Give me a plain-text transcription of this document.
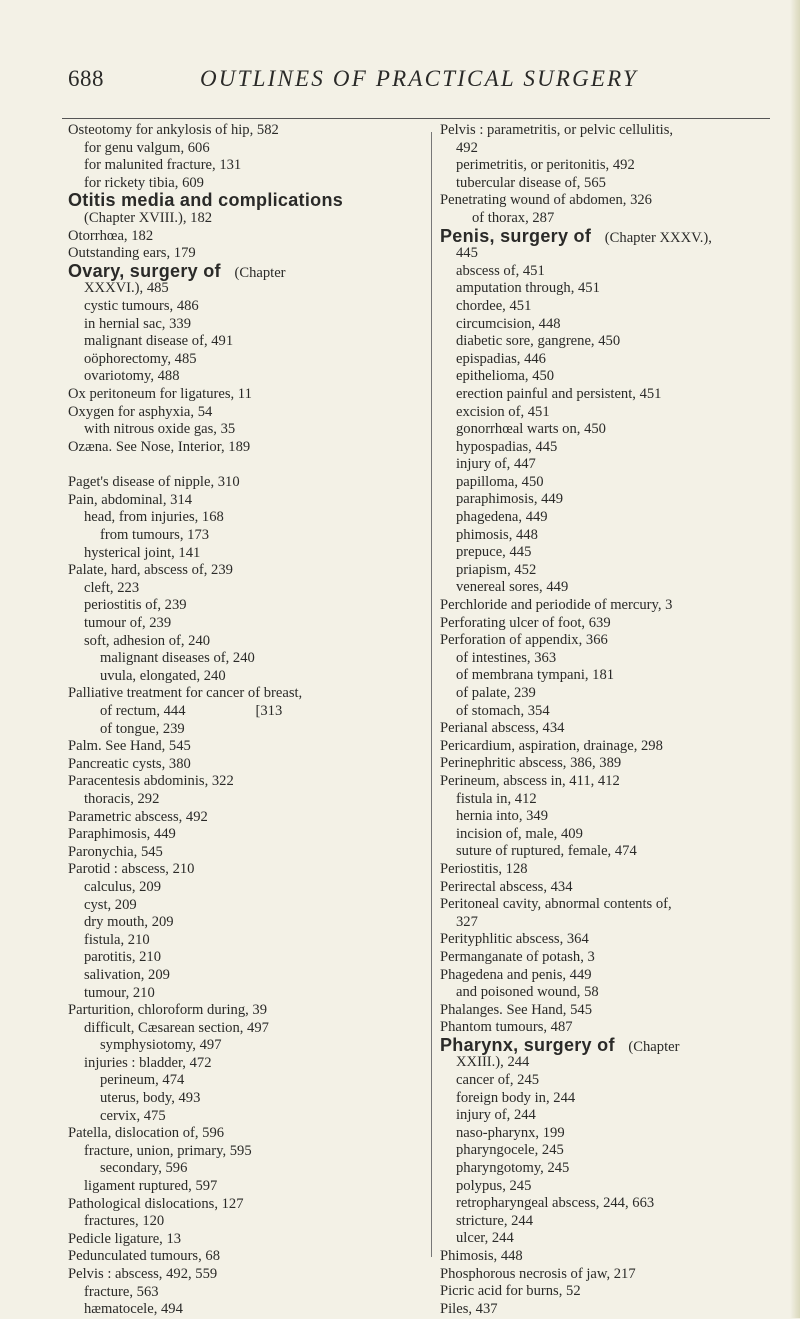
688	OUTLINES OF PRACTICAL SURGERY
Osteotomy for ankylosis of hip, 582
for genu valgum, 606
for malunited fracture, 131
for rickety tibia, 609
Otitis media and complications
(Chapter XVIII.), 182
Otorrhœa, 182
Outstanding ears, 179
Ovary, surgery of (Chapter
XXXVI.), 485
cystic tumours, 486
in hernial sac, 339
malignant disease of, 491
oöphorectomy, 485
ovariotomy, 488
Ox peritoneum for ligatures, 11
Oxygen for asphyxia, 54
with nitrous oxide gas, 35
Ozæna. See Nose, Interior, 189
Paget's disease of nipple, 310
Pain, abdominal, 314
head, from injuries, 168
from tumours, 173
hysterical joint, 141
Palate, hard, abscess of, 239
cleft, 223
periostitis of, 239
tumour of, 239
soft, adhesion of, 240
malignant diseases of, 240
uvula, elongated, 240
Palliative treatment for cancer of breast,
of rectum, 444	[313
of tongue, 239
Palm. See Hand, 545
Pancreatic cysts, 380
Paracentesis abdominis, 322
thoracis, 292
Parametric abscess, 492
Paraphimosis, 449
Paronychia, 545
Parotid : abscess, 210
calculus, 209
cyst, 209
dry mouth, 209
fistula, 210
parotitis, 210
salivation, 209
tumour, 210
Parturition, chloroform during, 39
difficult, Cæsarean section, 497
symphysiotomy, 497
injuries : bladder, 472
perineum, 474
uterus, body, 493
cervix, 475
Patella, dislocation of, 596
fracture, union, primary, 595
secondary, 596
ligament ruptured, 597
Pathological dislocations, 127
fractures, 120
Pedicle ligature, 13
Pedunculated tumours, 68
Pelvis : abscess, 492, 559
fracture, 563
hæmatocele, 494
Pelvis : parametritis, or pelvic cellulitis,
492
perimetritis, or peritonitis, 492
tubercular disease of, 565
Penetrating wound of abdomen, 326
of thorax, 287
Penis, surgery of (Chapter XXXV.),
445
abscess of, 451
amputation through, 451
chordee, 451
circumcision, 448
diabetic sore, gangrene, 450
epispadias, 446
epithelioma, 450
erection painful and persistent, 451
excision of, 451
gonorrhœal warts on, 450
hypospadias, 445
injury of, 447
papilloma, 450
paraphimosis, 449
phagedena, 449
phimosis, 448
prepuce, 445
priapism, 452
venereal sores, 449
Perchloride and periodide of mercury, 3
Perforating ulcer of foot, 639
Perforation of appendix, 366
of intestines, 363
of membrana tympani, 181
of palate, 239
of stomach, 354
Perianal abscess, 434
Pericardium, aspiration, drainage, 298
Perinephritic abscess, 386, 389
Perineum, abscess in, 411, 412
fistula in, 412
hernia into, 349
incision of, male, 409
suture of ruptured, female, 474
Periostitis, 128
Perirectal abscess, 434
Peritoneal cavity, abnormal contents of,
327
Perityphlitic abscess, 364
Permanganate of potash, 3
Phagedena and penis, 449
and poisoned wound, 58
Phalanges. See Hand, 545
Phantom tumours, 487
Pharynx, surgery of (Chapter
XXIII.), 244
cancer of, 245
foreign body in, 244
injury of, 244
naso-pharynx, 199
pharyngocele, 245
pharyngotomy, 245
polypus, 245
retropharyngeal abscess, 244, 663
stricture, 244
ulcer, 244
Phimosis, 448
Phosphorous necrosis of jaw, 217
Picric acid for burns, 52
Piles, 437
